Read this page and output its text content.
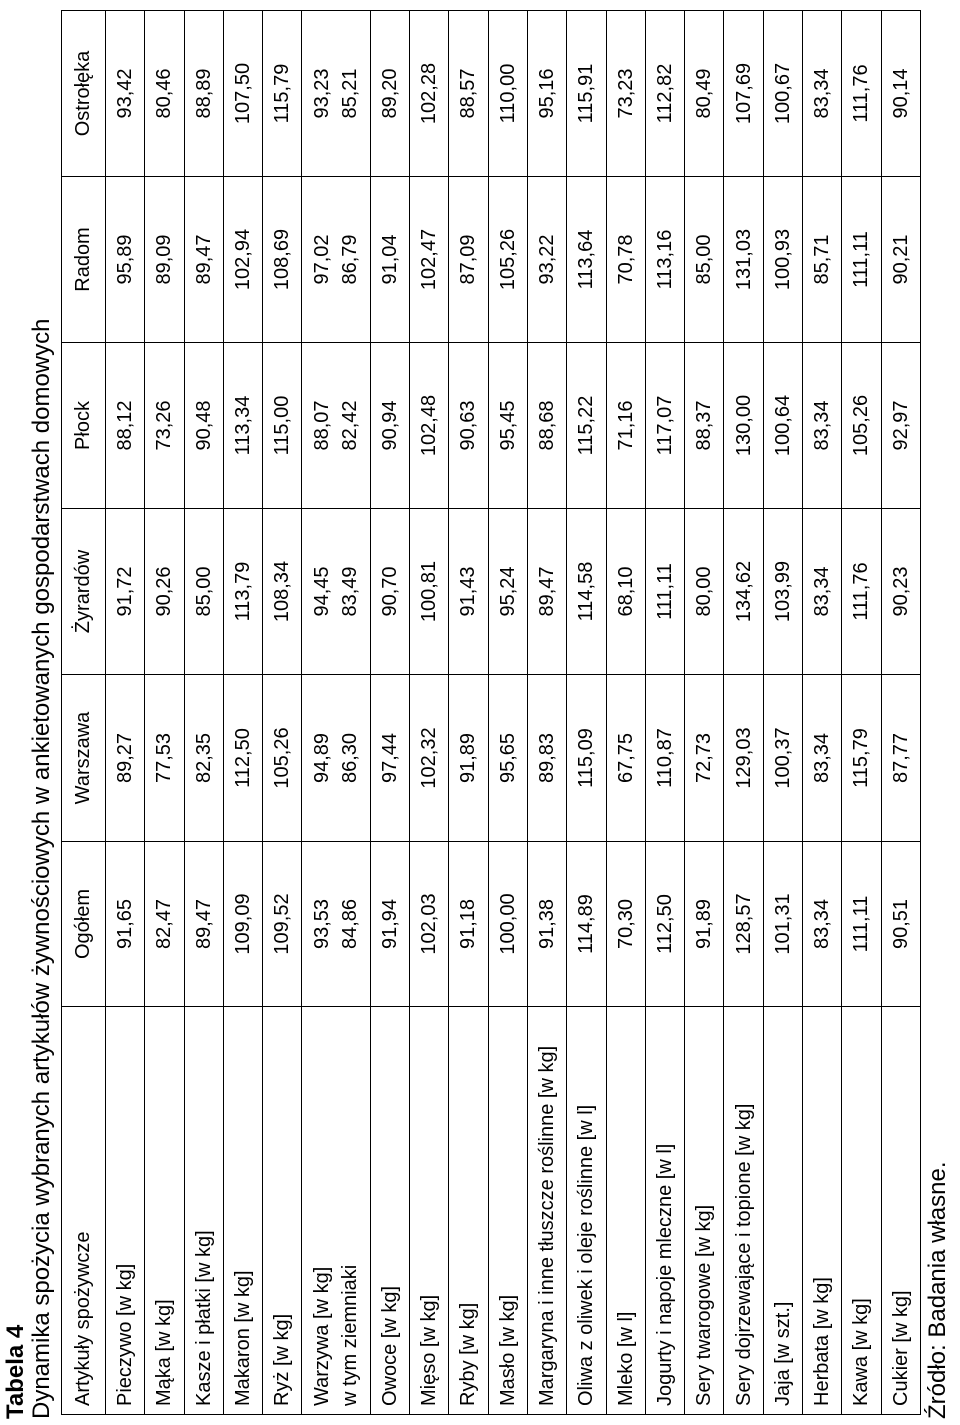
Tabela 4 Dynamika spożycia wybranych artykułów żywnościowych w ankietowanych gospodarstwach domowych Artykuły spożywcze	Ogółem	Warszawa	Żyrardów	Płock	Radom	Ostrołęka

Pieczywo [w kg]	91,65	89,27	91,72	88,12	95,89	93,42

Mąka [w kg]	82,47	77,53	90,26	73,26	89,09	80,46

Kasze i płatki [w kg]	89,47	82,35	85,00	90,48	89,47	88,89

Makaron [w kg]	109,09	112,50	113,79	113,34	102,94	107,50

Ryż [w kg]	109,52	105,26	108,34	115,00	108,69	115,79

Warzywa [w kg] w tym ziemniaki	93,53 84,86	94,89 86,30	94,45 83,49	88,07 82,42	97,02 86,79	93,23 85,21

Owoce [w kg]	91,94	97,44	90,70	90,94	91,04	89,20

Mięso [w kg]	102,03	102,32	100,81	102,48	102,47	102,28

Ryby [w kg]	91,18	91,89	91,43	90,63	87,09	88,57

Masło [w kg]	100,00	95,65	95,24	95,45	105,26	110,00

Margaryna i inne tłuszcze roślinne [w kg]	91,38	89,83	89,47	88,68	93,22	95,16

Oliwa z oliwek i oleje roślinne [w l]	114,89	115,09	114,58	115,22	113,64	115,91

Mleko [w l]	70,30	67,75	68,10	71,16	70,78	73,23

Jogurty i napoje mleczne [w l]	112,50	110,87	111,11	117,07	113,16	112,82

Sery twarogowe [w kg]	91,89	72,73	80,00	88,37	85,00	80,49

Sery dojrzewające i topione [w kg]	128,57	129,03	134,62	130,00	131,03	107,69

Jaja [w szt.]	101,31	100,37	103,99	100,64	100,93	100,67

Herbata [w kg]	83,34	83,34	83,34	83,34	85,71	83,34

Kawa [w kg]	111,11	115,79	111,76	105,26	111,11	111,76

Cukier [w kg]	90,51	87,77	90,23	92,97	90,21	90,14
Źródło: Badania własne.
